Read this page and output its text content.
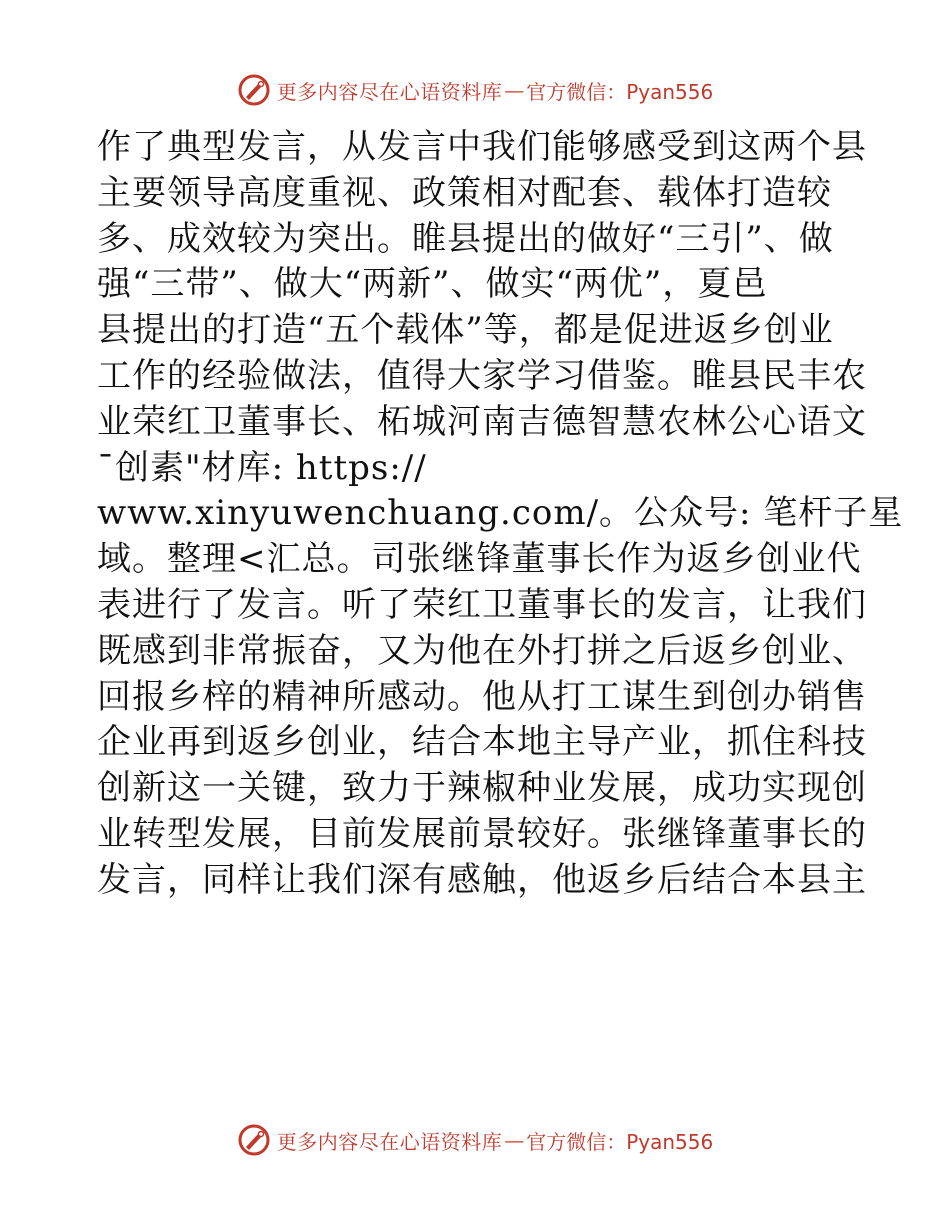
更多内容尽在心语资料库 — 官方微信：Pyan556
作了典型发言，从发言中我们能够感受到这两个县
主要领导高度重视、政策相对配套、载体打造较
多、成效较为突出。睢县提出的做好“三引”、做
强“三带”、做大“两新”、做实“两优”，夏邑
县提出的打造“五个载体”等，都是促进返乡创业
工作的经验做法，值得大家学习借鉴。睢县民丰农
业荣红卫董事长、柘城河南吉德智慧农林公心语文
¯创素"材库: https://
www.xinyuwenchuang.com/。公众号: 笔杆子星
域。整理<汇总。司张继锋董事长作为返乡创业代
表进行了发言。听了荣红卫董事长的发言，让我们
既感到非常振奋，又为他在外打拼之后返乡创业、
回报乡梓的精神所感动。他从打工谋生到创办销售
企业再到返乡创业，结合本地主导产业，抓住科技
创新这一关键，致力于辣椒种业发展，成功实现创
业转型发展，目前发展前景较好。张继锋董事长的
发言，同样让我们深有感触，他返乡后结合本县主
更多内容尽在心语资料库 — 官方微信：Pyan556
